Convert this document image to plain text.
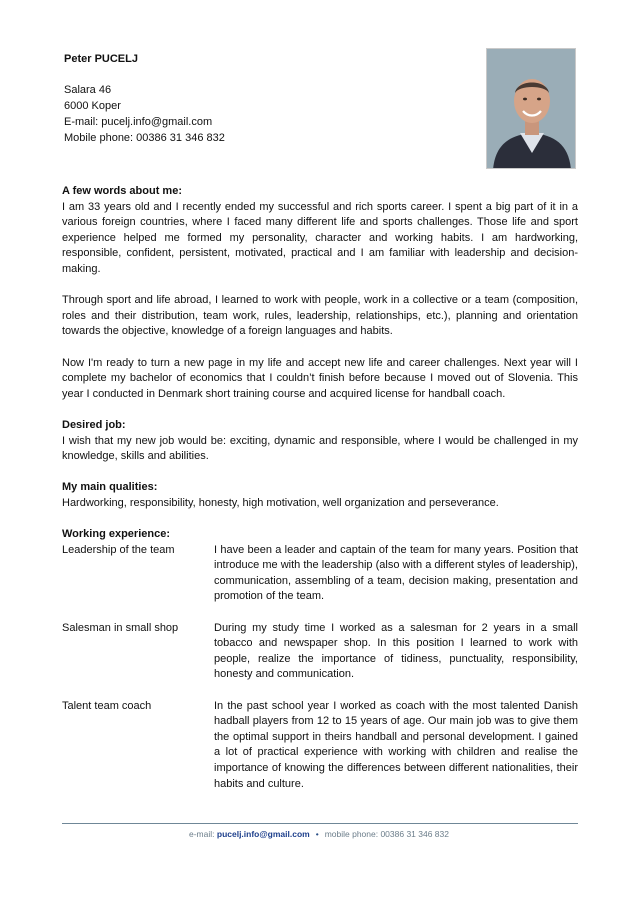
Peter PUCELJ
Salara 46
6000 Koper
E-mail: pucelj.info@gmail.com
Mobile phone: 00386 31 346 832

A few words about me:

I am 33 years old and I recently ended my successful and rich sports career. I spent a big part of it in a various foreign countries, where I faced many different life and sports challenges. Those life and sport experience helped me formed my personality, character and working habits. I am hardworking, responsible, confident, persistent, motivated, practical and I am familiar with leadership and decision-making.

Through sport and life abroad, I learned to work with people, work in a collective or a team (composition, roles and their distribution, team work, rules, leadership, relationships, etc.), planning and orientation towards the objective, knowledge of a foreign languages and habits.

Now I'm ready to turn a new page in my life and accept new life and career challenges. Next year will I complete my bachelor of economics that I couldn’t finish before because I moved out of Slovenia. This year I conducted in Denmark short training course and acquired license for handball coach.

Desired job:

I wish that my new job would be: exciting, dynamic and responsible, where I would be challenged in my knowledge, skills and abilities.

My main qualities:

Hardworking, responsibility, honesty, high motivation, well organization and perseverance.

Working experience:

Leadership of the team	I have been a leader and captain of the team for many years. Position that introduce me with the leadership (also with a different styles of leadership), communication, assembling of a team, decision making, presentation and promotion of the team.
Salesman in small shop	During my study time I worked as a salesman for 2 years in a small tobacco and newspaper shop. In this position I learned to work with people, realize the importance of tidiness, punctuality, responsibility, honesty and communication.
Talent team coach	In the past school year I worked as coach with the most talented Danish hadball players from 12 to 15 years of age. Our main job was to give them the optimal support in theirs handball and personal development. I gained a lot of practical experience with working with children and realise the importance of knowing the differences between different nationalities, their habits and culture.
e-mail: pucelj.info@gmail.com • mobile phone: 00386 31 346 832
